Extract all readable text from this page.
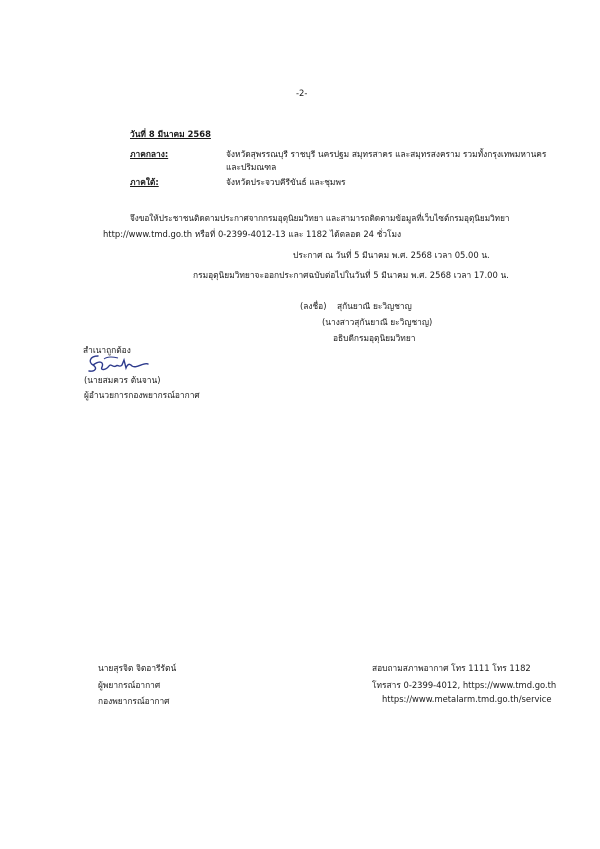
-2-
วันที่ 8 มีนาคม 2568
ภาคกลาง:	จังหวัดสุพรรณบุรี ราชบุรี นครปฐม สมุทรสาคร และสมุทรสงคราม รวมทั้งกรุงเทพมหานคร
และปริมณฑล
ภาคใต้:	จังหวัดประจวบคีรีขันธ์ และชุมพร
จึงขอให้ประชาชนติดตามประกาศจากกรมอุตุนิยมวิทยา และสามารถติดตามข้อมูลที่เว็บไซต์กรมอุตุนิยมวิทยา
http://www.tmd.go.th หรือที่ 0-2399-4012-13 และ 1182 ได้ตลอด 24 ชั่วโมง
ประกาศ ณ วันที่ 5 มีนาคม พ.ศ. 2568 เวลา 05.00 น.
กรมอุตุนิยมวิทยาจะออกประกาศฉบับต่อไปในวันที่ 5 มีนาคม พ.ศ. 2568 เวลา 17.00 น.
(ลงชื่อ) สุกันยาณี ยะวิญชาญ
(นางสาวสุกันยาณี ยะวิญชาญ)
อธิบดีกรมอุตุนิยมวิทยา
สำเนาถูกต้อง
(นายสมควร ต้นจาน)
ผู้อำนวยการกองพยากรณ์อากาศ
นายสุรจิต จิตอารีรัตน์
ผู้พยากรณ์อากาศ
กองพยากรณ์อากาศ
สอบถามสภาพอากาศ โทร 1111 โทร 1182
โทรสาร 0-2399-4012, https://www.tmd.go.th
https://www.metalarm.tmd.go.th/service
